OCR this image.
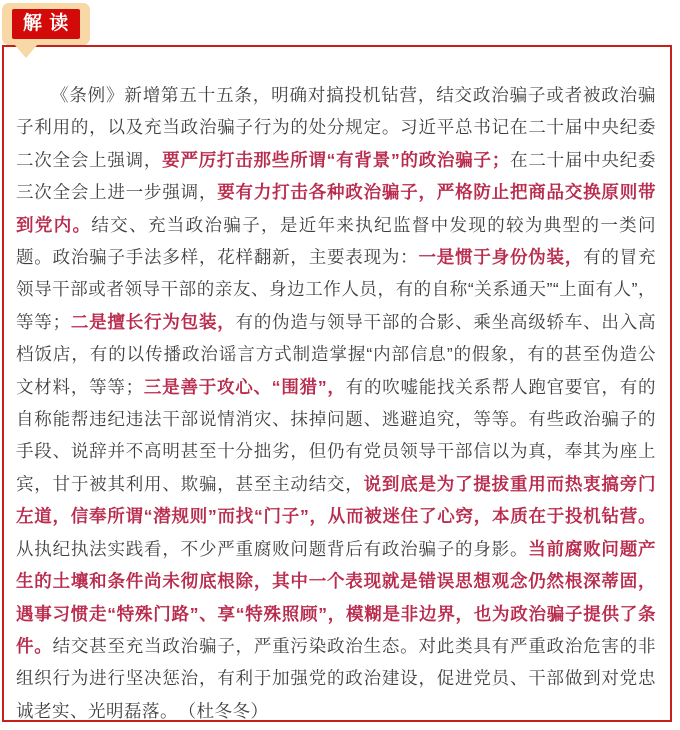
解 读

《条例》新增第五十五条，明确对搞投机钻营，结交政治骗子或者被政治骗子利用的，以及充当政治骗子行为的处分规定。习近平总书记在二十届中央纪委二次全会上强调，要严厉打击那些所谓“有背景”的政治骗子；在二十届中央纪委三次全会上进一步强调，要有力打击各种政治骗子，严格防止把商品交换原则带到党内。结交、充当政治骗子，是近年来执纪监督中发现的较为典型的一类问题。政治骗子手法多样，花样翻新，主要表现为：一是惯于身份伪装，有的冒充领导干部或者领导干部的亲友、身边工作人员，有的自称“关系通天”“上面有人”，等等；二是擅长行为包装，有的伪造与领导干部的合影、乘坐高级轿车、出入高档饭店，有的以传播政治谣言方式制造掌握“内部信息”的假象，有的甚至伪造公文材料，等等；三是善于攻心、“围猎”，有的吹嘘能找关系帮人跑官要官，有的自称能帮违纪违法干部说情消灾、抹掉问题、逃避追究，等等。有些政治骗子的手段、说辞并不高明甚至十分拙劣，但仍有党员领导干部信以为真，奉其为座上宾，甘于被其利用、欺骗，甚至主动结交，说到底是为了提拔重用而热衷搞旁门左道，信奉所谓“潜规则”而找“门子”，从而被迷住了心窍，本质在于投机钻营。从执纪执法实践看，不少严重腐败问题背后有政治骗子的身影。当前腐败问题产生的土壤和条件尚未彻底根除，其中一个表现就是错误思想观念仍然根深蒂固，遇事习惯走“特殊门路”、享“特殊照顾”，模糊是非边界，也为政治骗子提供了条件。结交甚至充当政治骗子，严重污染政治生态。对此类具有严重政治危害的非组织行为进行坚决惩治，有利于加强党的政治建设，促进党员、干部做到对党忠诚老实、光明磊落。　（杜冬冬）
